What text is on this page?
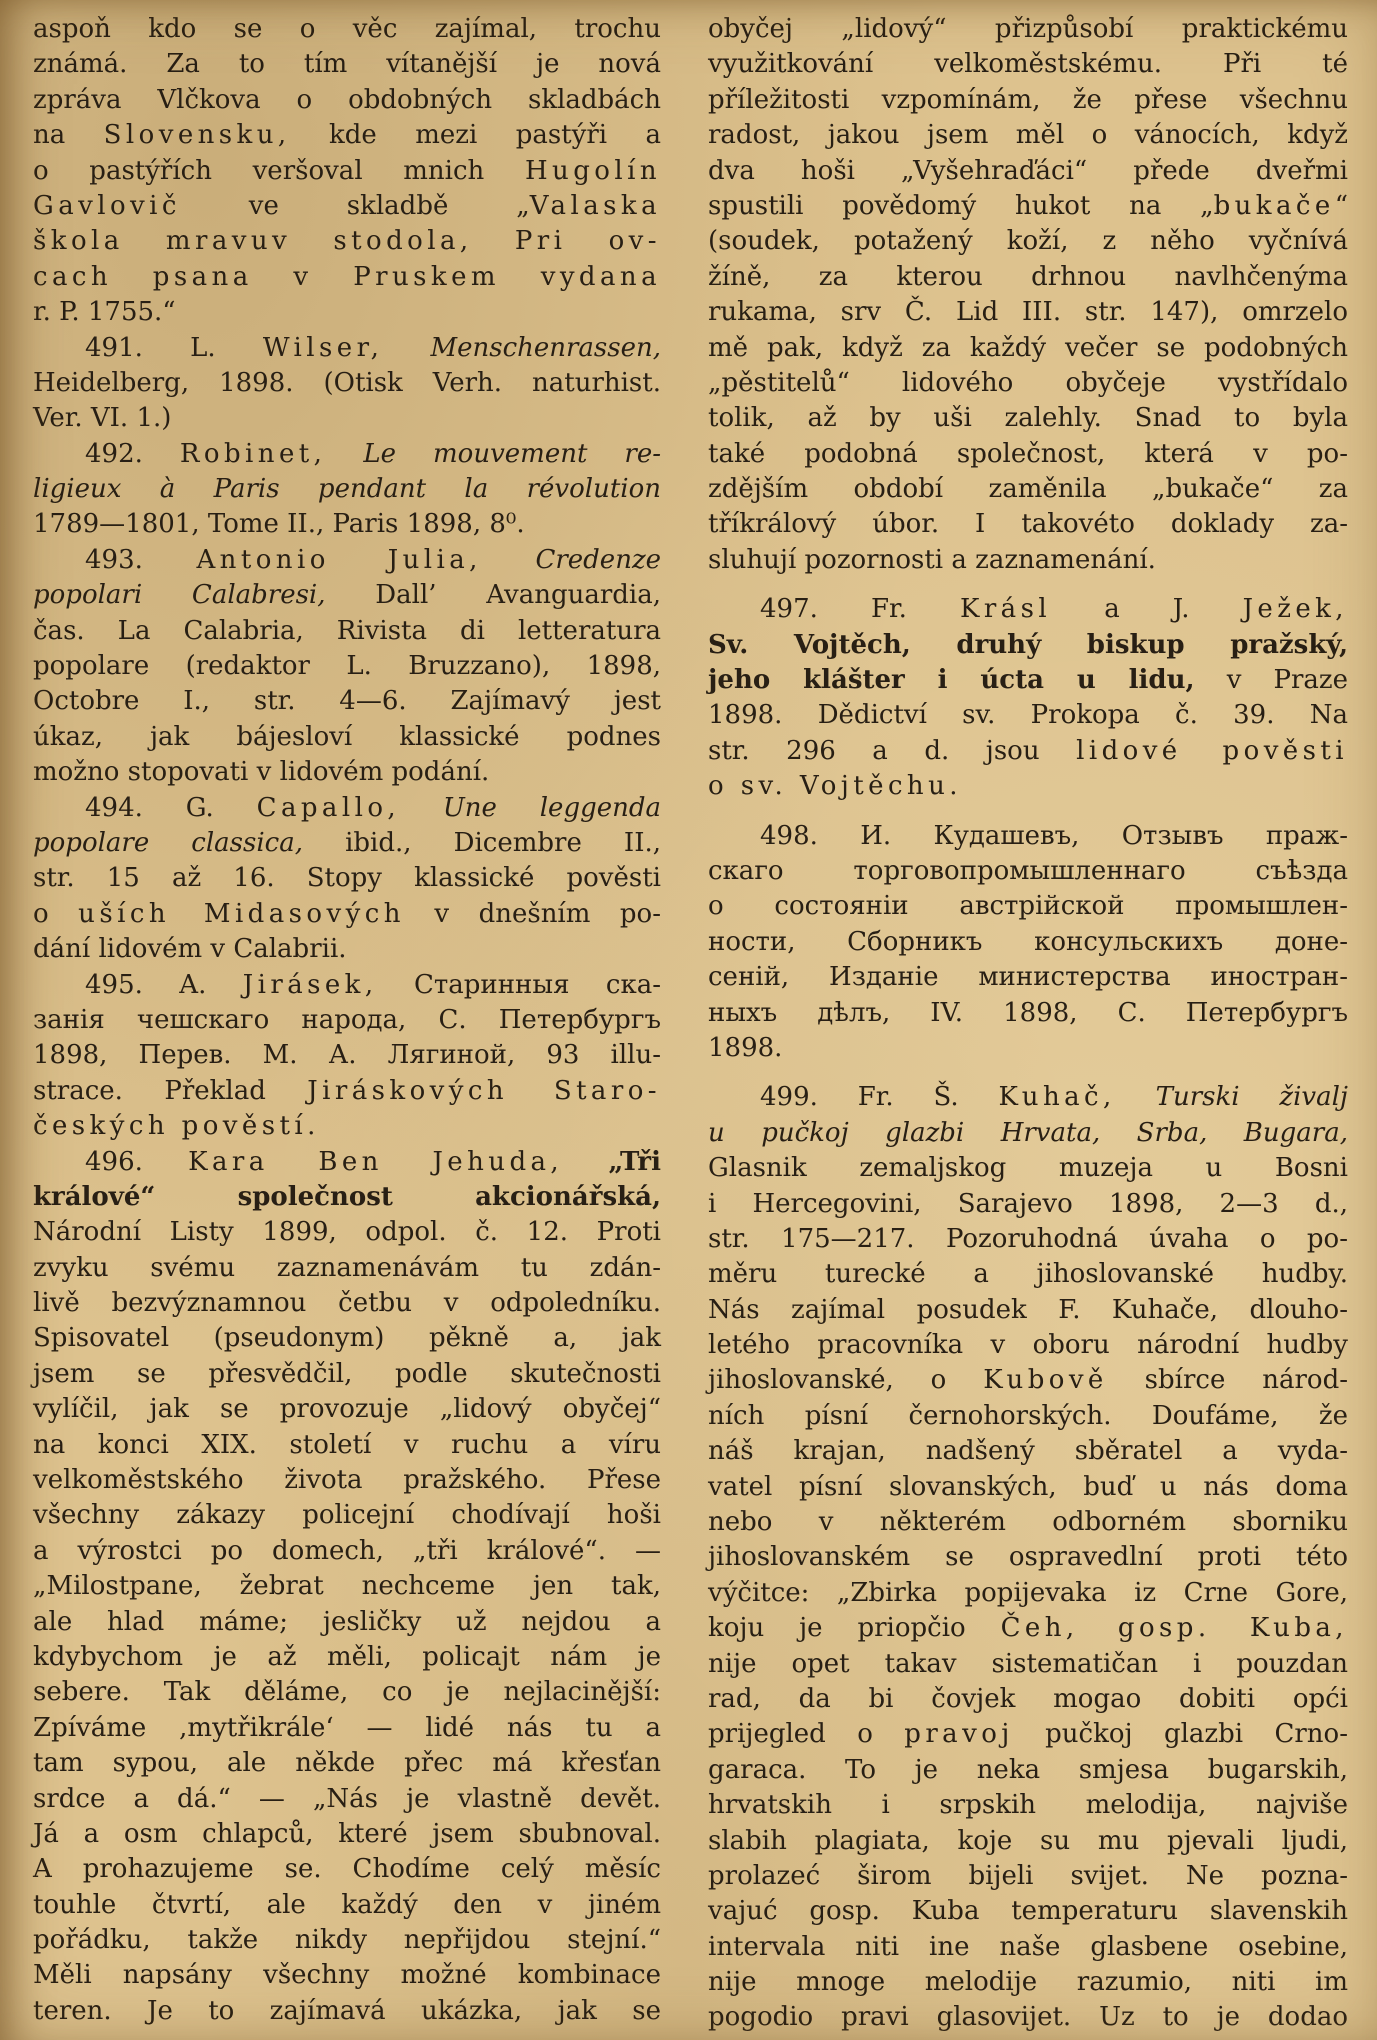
aspoň kdo se o věc zajímal, trochu
známá. Za to tím vítanější je nová
zpráva Vlčkova o obdobných skladbách
na Slovensku, kde mezi pastýři a
o pastýřích veršoval mnich Hugolín
Gavlovič ve skladbě „Valaska
škola mravuv stodola, Pri ov-
cach psana v Pruskem vydana
r. P. 1755.“
491. L. Wilser, Menschenrassen,
Heidelberg, 1898. (Otisk Verh. naturhist.
Ver. VI. 1.)
492. Robinet, Le mouvement re-
ligieux à Paris pendant la révolution
1789—1801, Tome II., Paris 1898, 8⁰.
493. Antonio Julia, Credenze
popolari Calabresi, Dall’ Avanguardia,
čas. La Calabria, Rivista di letteratura
popolare (redaktor L. Bruzzano), 1898,
Octobre I., str. 4—6. Zajímavý jest
úkaz, jak bájesloví klassické podnes
možno stopovati v lidovém podání.
494. G. Capallo, Une leggenda
popolare classica, ibid., Dicembre II.,
str. 15 až 16. Stopy klassické pověsti
o uších Midasových v dnešním po-
dání lidovém v Calabrii.
495. A. Jirásek, Старинныя ска-
занія чешскаго народа, С. Петербургъ
1898, Перев. М. А. Лягиной, 93 illu-
strace. Překlad Jiráskových Staro-
českých pověstí.
496. Kara Ben Jehuda, „Tři
králové“ společnost akcionářská,
Národní Listy 1899, odpol. č. 12. Proti
zvyku svému zaznamenávám tu zdán-
livě bezvýznamnou četbu v odpoledníku.
Spisovatel (pseudonym) pěkně a, jak
jsem se přesvědčil, podle skutečnosti
vylíčil, jak se provozuje „lidový obyčej“
na konci XIX. století v ruchu a víru
velkoměstského života pražského. Přese
všechny zákazy policejní chodívají hoši
a výrostci po domech, „tři králové“. —
„Milostpane, žebrat nechceme jen tak,
ale hlad máme; jesličky už nejdou a
kdybychom je až měli, policajt nám je
sebere. Tak děláme, co je nejlacinější:
Zpíváme ,mytřikrále‘ — lidé nás tu a
tam sypou, ale někde přec má křesťan
srdce a dá.“ — „Nás je vlastně devět.
Já a osm chlapců, které jsem sbubnoval.
A prohazujeme se. Chodíme celý měsíc
touhle čtvrtí, ale každý den v jiném
pořádku, takže nikdy nepřijdou stejní.“
Měli napsány všechny možné kombinace
teren. Je to zajímavá ukázka, jak se
obyčej „lidový“ přizpůsobí praktickému
využitkování velkoměstskému. Při té
příležitosti vzpomínám, že přese všechnu
radost, jakou jsem měl o vánocích, když
dva hoši „Vyšehraďáci“ přede dveřmi
spustili povědomý hukot na „bukače“
(soudek, potažený koží, z něho vyčnívá
žíně, za kterou drhnou navlhčenýma
rukama, srv Č. Lid III. str. 147), omrzelo
mě pak, když za každý večer se podobných
„pěstitelů“ lidového obyčeje vystřídalo
tolik, až by uši zalehly. Snad to byla
také podobná společnost, která v po-
zdějším období zaměnila „bukače“ za
tříkrálový úbor. I takovéto doklady za-
sluhují pozornosti a zaznamenání.
497. Fr. Krásl a J. Ježek,
Sv. Vojtěch, druhý biskup pražský,
jeho klášter i úcta u lidu, v Praze
1898. Dědictví sv. Prokopa č. 39. Na
str. 296 a d. jsou lidové pověsti
o sv. Vojtěchu.
498. И. Кудашевъ, Отзывъ праж-
скаго торговопромышленнаго съѣзда
о состояніи австрійской промышлен-
ности, Сборникъ консульскихъ доне-
сеній, Изданіе министерства иностран-
ныхъ дѣлъ, IV. 1898, С. Петербургъ
1898.
499. Fr. Š. Kuhač, Turski živalj
u pučkoj glazbi Hrvata, Srba, Bugara,
Glasnik zemaljskog muzeja u Bosni
i Hercegovini, Sarajevo 1898, 2—3 d.,
str. 175—217. Pozoruhodná úvaha o po-
měru turecké a jihoslovanské hudby.
Nás zajímal posudek F. Kuhače, dlouho-
letého pracovníka v oboru národní hudby
jihoslovanské, o Kubově sbírce národ-
ních písní černohorských. Doufáme, že
náš krajan, nadšený sběratel a vyda-
vatel písní slovanských, buď u nás doma
nebo v některém odborném sborniku
jihoslovanském se ospravedlní proti této
výčitce: „Zbirka popijevaka iz Crne Gore,
koju je priopčio Čeh, gosp. Kuba,
nije opet takav sistematičan i pouzdan
rad, da bi čovjek mogao dobiti opći
prijegled o pravoj pučkoj glazbi Crno-
garaca. To je neka smjesa bugarskih,
hrvatskih i srpskih melodija, najviše
slabih plagiata, koje su mu pjevali ljudi,
prolazeć širom bijeli svijet. Ne pozna-
vajuć gosp. Kuba temperaturu slavenskih
intervala niti ine naše glasbene osebine,
nije mnoge melodije razumio, niti im
pogodio pravi glasovijet. Uz to je dodao
